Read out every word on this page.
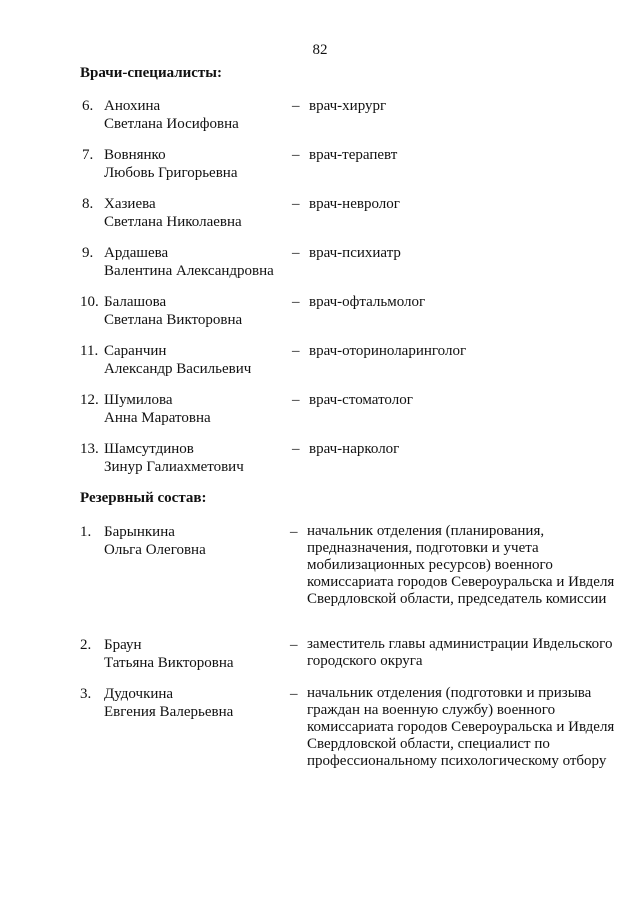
82
Врачи-специалисты:
6. Анохина
Светлана Иосифовна
– врач-хирург
7. Вовнянко
Любовь Григорьевна
– врач-терапевт
8. Хазиева
Светлана Николаевна
– врач-невролог
9. Ардашева
Валентина Александровна
– врач-психиатр
10. Балашова
Светлана Викторовна
– врач-офтальмолог
11. Саранчин
Александр Васильевич
– врач-оториноларинголог
12. Шумилова
Анна Маратовна
– врач-стоматолог
13. Шамсутдинов
Зинур Галиахметович
– врач-нарколог
Резервный состав:
1. Барынкина
Ольга Олеговна
– начальник отделения (планирования, предназначения, подготовки и учета мобилизационных ресурсов) военного комиссариата городов Североуральска и Ивделя Свердловской области, председатель комиссии
2. Браун
Татьяна Викторовна
– заместитель главы администрации Ивдельского городского округа
3. Дудочкина
Евгения Валерьевна
– начальник отделения (подготовки и призыва граждан на военную службу) военного комиссариата городов Североуральска и Ивделя Свердловской области, специалист по профессиональному психологическому отбору
